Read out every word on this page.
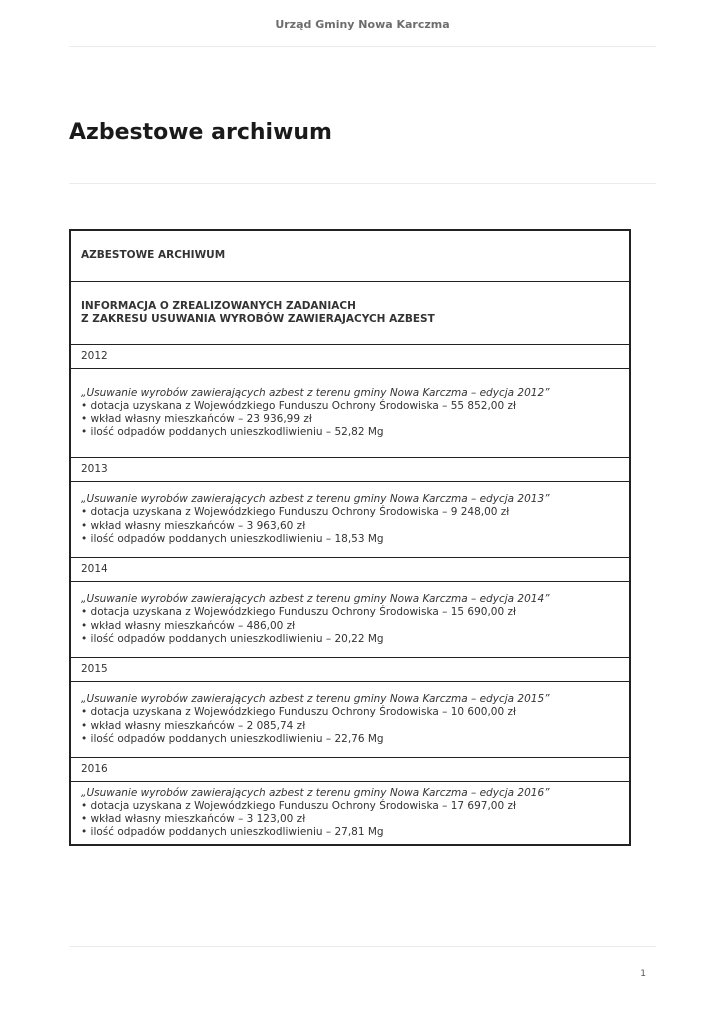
Urząd Gminy Nowa Karczma
Azbestowe archiwum
AZBESTOWE ARCHIWUM

INFORMACJA O ZREALIZOWANYCH ZADANIACH
Z ZAKRESU USUWANIA WYROBÓW ZAWIERAJACYCH AZBEST

2012

„Usuwanie wyrobów zawierających azbest z terenu gminy Nowa Karczma – edycja 2012”
• dotacja uzyskana z Wojewódzkiego Funduszu Ochrony Środowiska – 55 852,00 zł
• wkład własny mieszkańców – 23 936,99 zł
• ilość odpadów poddanych unieszkodliwieniu – 52,82 Mg

2013

„Usuwanie wyrobów zawierających azbest z terenu gminy Nowa Karczma – edycja 2013”
• dotacja uzyskana z Wojewódzkiego Funduszu Ochrony Środowiska – 9 248,00 zł
• wkład własny mieszkańców – 3 963,60 zł
• ilość odpadów poddanych unieszkodliwieniu – 18,53 Mg

2014

„Usuwanie wyrobów zawierających azbest z terenu gminy Nowa Karczma – edycja 2014”
• dotacja uzyskana z Wojewódzkiego Funduszu Ochrony Środowiska – 15 690,00 zł
• wkład własny mieszkańców – 486,00 zł
• ilość odpadów poddanych unieszkodliwieniu – 20,22 Mg

2015

„Usuwanie wyrobów zawierających azbest z terenu gminy Nowa Karczma – edycja 2015”
• dotacja uzyskana z Wojewódzkiego Funduszu Ochrony Środowiska – 10 600,00 zł
• wkład własny mieszkańców – 2 085,74 zł
• ilość odpadów poddanych unieszkodliwieniu – 22,76 Mg

2016

„Usuwanie wyrobów zawierających azbest z terenu gminy Nowa Karczma – edycja 2016”
• dotacja uzyskana z Wojewódzkiego Funduszu Ochrony Środowiska – 17 697,00 zł
• wkład własny mieszkańców – 3 123,00 zł
• ilość odpadów poddanych unieszkodliwieniu – 27,81 Mg
1
